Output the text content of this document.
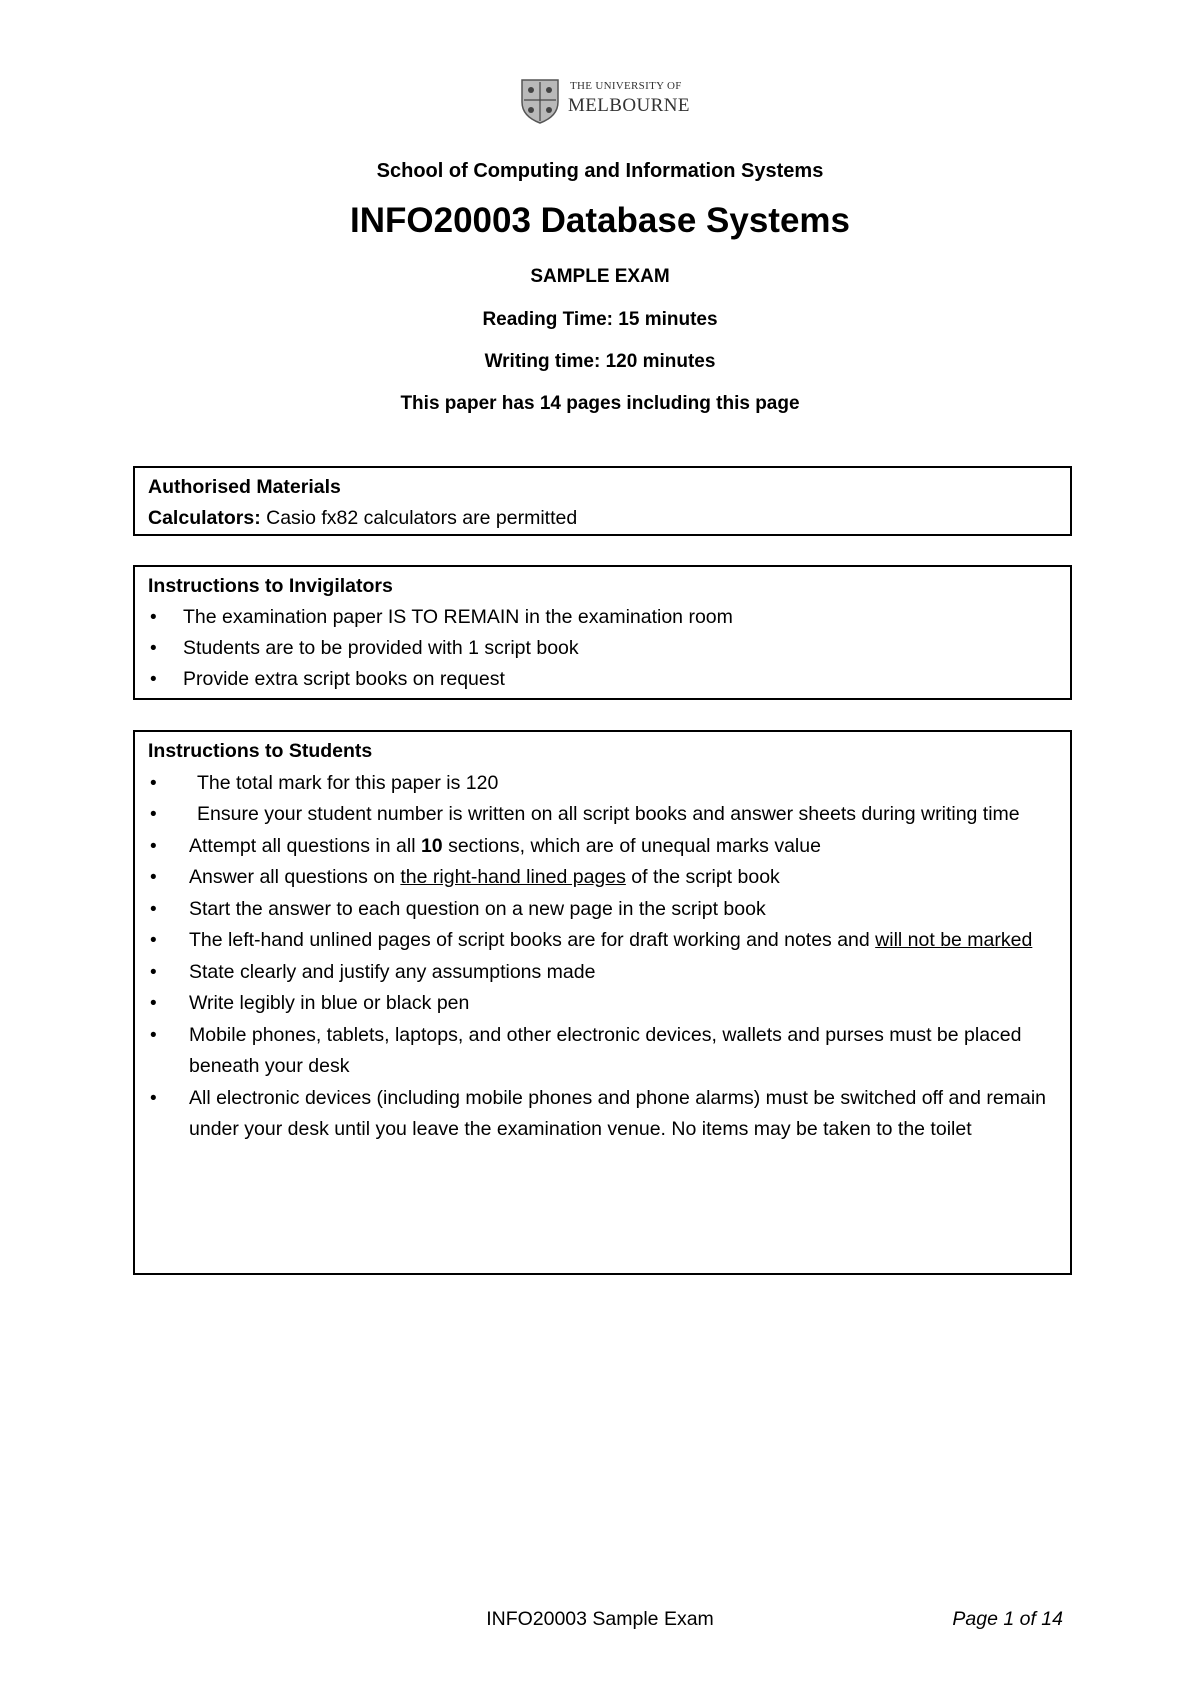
THE UNIVERSITY OF
MELBOURNE
School of Computing and Information Systems
INFO20003 Database Systems
SAMPLE EXAM
Reading Time: 15 minutes
Writing time: 120 minutes
This paper has 14 pages including this page
Authorised Materials
Calculators: Casio fx82 calculators are permitted
Instructions to Invigilators
• The examination paper IS TO REMAIN in the examination room
• Students are to be provided with 1 script book
• Provide extra script books on request
Instructions to Students
• The total mark for this paper is 120
• Ensure your student number is written on all script books and answer sheets during writing time
• Attempt all questions in all 10 sections, which are of unequal marks value
• Answer all questions on the right-hand lined pages of the script book
• Start the answer to each question on a new page in the script book
• The left-hand unlined pages of script books are for draft working and notes and will not be marked
• State clearly and justify any assumptions made
• Write legibly in blue or black pen
• Mobile phones, tablets, laptops, and other electronic devices, wallets and purses must be placed beneath your desk
• All electronic devices (including mobile phones and phone alarms) must be switched off and remain under your desk until you leave the examination venue. No items may be taken to the toilet
INFO20003 Sample Exam	Page 1 of 14
